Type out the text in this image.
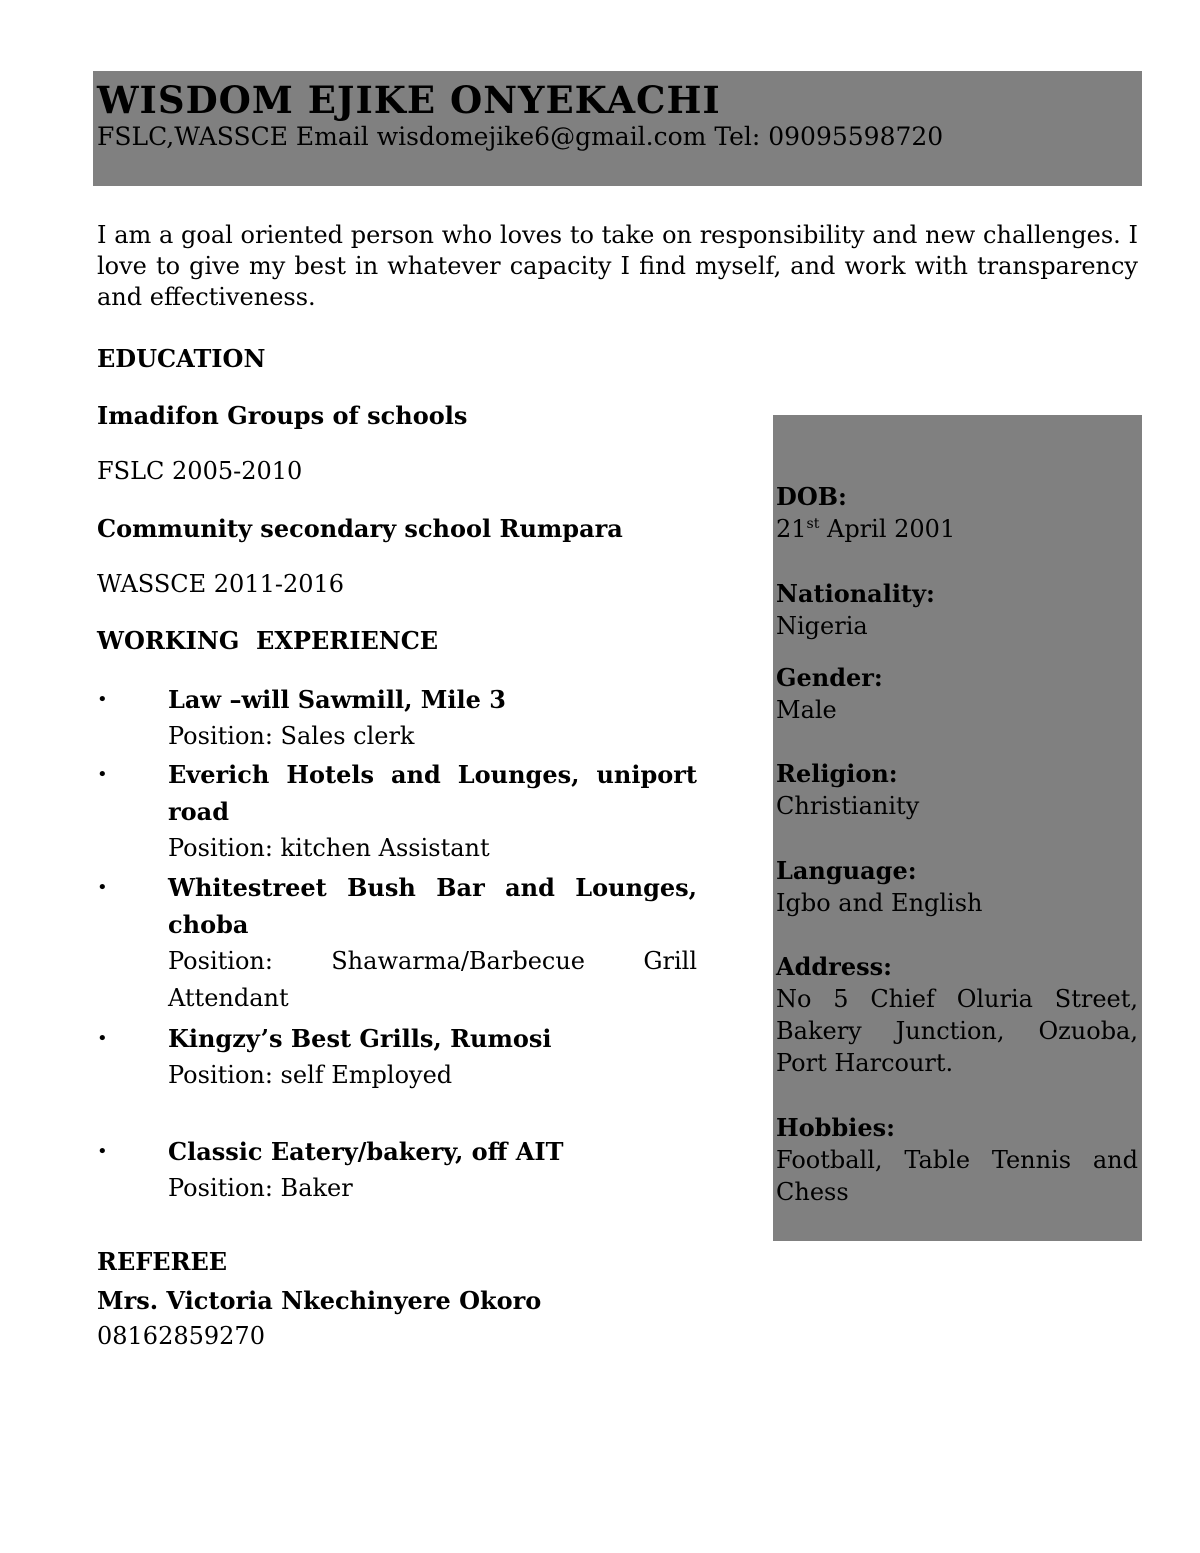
WISDOM EJIKE ONYEKACHI
FSLC,WASSCE Email wisdomejike6@gmail.com Tel: 09095598720
I am a goal oriented person who loves to take on responsibility and new challenges. I love to give my best in whatever capacity I find myself, and work with transparency and effectiveness.
EDUCATION
Imadifon Groups of schools
FSLC 2005-2010
Community secondary school Rumpara
WASSCE 2011-2016
WORKING  EXPERIENCE
•	Law –will Sawmill, Mile 3
Position: Sales clerk
•	Everich Hotels and Lounges, uniport road
Position: kitchen Assistant
•	Whitestreet Bush Bar and Lounges, choba
Position: Shawarma/Barbecue Grill Attendant
•	Kingzy’s Best Grills, Rumosi
Position: self Employed
•	Classic Eatery/bakery, off AIT
Position: Baker
REFEREE
Mrs. Victoria Nkechinyere Okoro
08162859270
DOB:
21st April 2001
Nationality:
Nigeria
Gender:
Male
Religion:
Christianity
Language:
Igbo and English
Address:
No 5 Chief Oluria Street, Bakery Junction, Ozuoba, Port Harcourt.
Hobbies:
Football, Table Tennis and Chess
